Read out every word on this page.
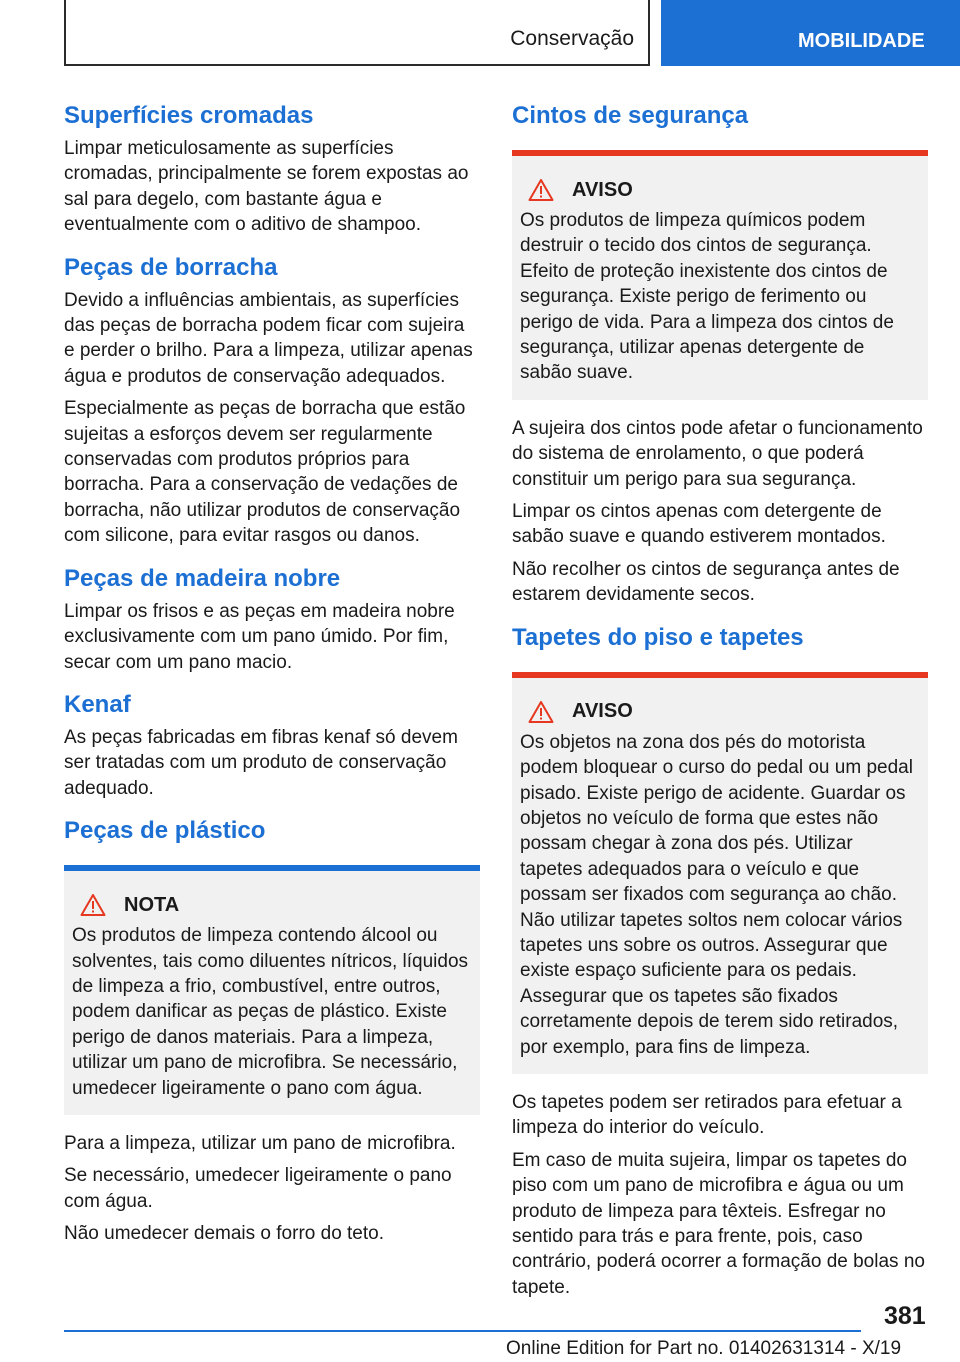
Conservação	MOBILIDADE
Superfícies cromadas

Limpar meticulosamente as superfícies cromadas, principalmente se forem expostas ao sal para degelo, com bastante água e eventualmente com o aditivo de shampoo.

Peças de borracha

Devido a influências ambientais, as superfícies das peças de borracha podem ficar com sujeira e perder o brilho. Para a limpeza, utilizar apenas água e produtos de conservação adequados.

Especialmente as peças de borracha que estão sujeitas a esforços devem ser regularmente conservadas com produtos próprios para borracha. Para a conservação de vedações de borracha, não utilizar produtos de conservação com silicone, para evitar rasgos ou danos.

Peças de madeira nobre

Limpar os frisos e as peças em madeira nobre exclusivamente com um pano úmido. Por fim, secar com um pano macio.

Kenaf

As peças fabricadas em fibras kenaf só devem ser tratadas com um produto de conservação adequado.

Peças de plástico
NOTA

Os produtos de limpeza contendo álcool ou solventes, tais como diluentes nítricos, líquidos de limpeza a frio, combustível, entre outros, podem danificar as peças de plástico. Existe perigo de danos materiais. Para a limpeza, utilizar um pano de microfibra. Se necessário, umedecer ligeiramente o pano com água.

Para a limpeza, utilizar um pano de microfibra.

Se necessário, umedecer ligeiramente o pano com água.

Não umedecer demais o forro do teto.

Cintos de segurança
AVISO

Os produtos de limpeza químicos podem destruir o tecido dos cintos de segurança. Efeito de proteção inexistente dos cintos de segurança. Existe perigo de ferimento ou perigo de vida. Para a limpeza dos cintos de segurança, utilizar apenas detergente de sabão suave.

A sujeira dos cintos pode afetar o funcionamento do sistema de enrolamento, o que poderá constituir um perigo para sua segurança.

Limpar os cintos apenas com detergente de sabão suave e quando estiverem montados.

Não recolher os cintos de segurança antes de estarem devidamente secos.

Tapetes do piso e tapetes
AVISO

Os objetos na zona dos pés do motorista podem bloquear o curso do pedal ou um pedal pisado. Existe perigo de acidente. Guardar os objetos no veículo de forma que estes não possam chegar à zona dos pés. Utilizar tapetes adequados para o veículo e que possam ser fixados com segurança ao chão. Não utilizar tapetes soltos nem colocar vários tapetes uns sobre os outros. Assegurar que existe espaço suficiente para os pedais. Assegurar que os tapetes são fixados corretamente depois de terem sido retirados, por exemplo, para fins de limpeza.

Os tapetes podem ser retirados para efetuar a limpeza do interior do veículo.

Em caso de muita sujeira, limpar os tapetes do piso com um pano de microfibra e água ou um produto de limpeza para têxteis. Esfregar no sentido para trás e para frente, pois, caso contrário, poderá ocorrer a formação de bolas no tapete.

381
Online Edition for Part no. 01402631314 - X/19
